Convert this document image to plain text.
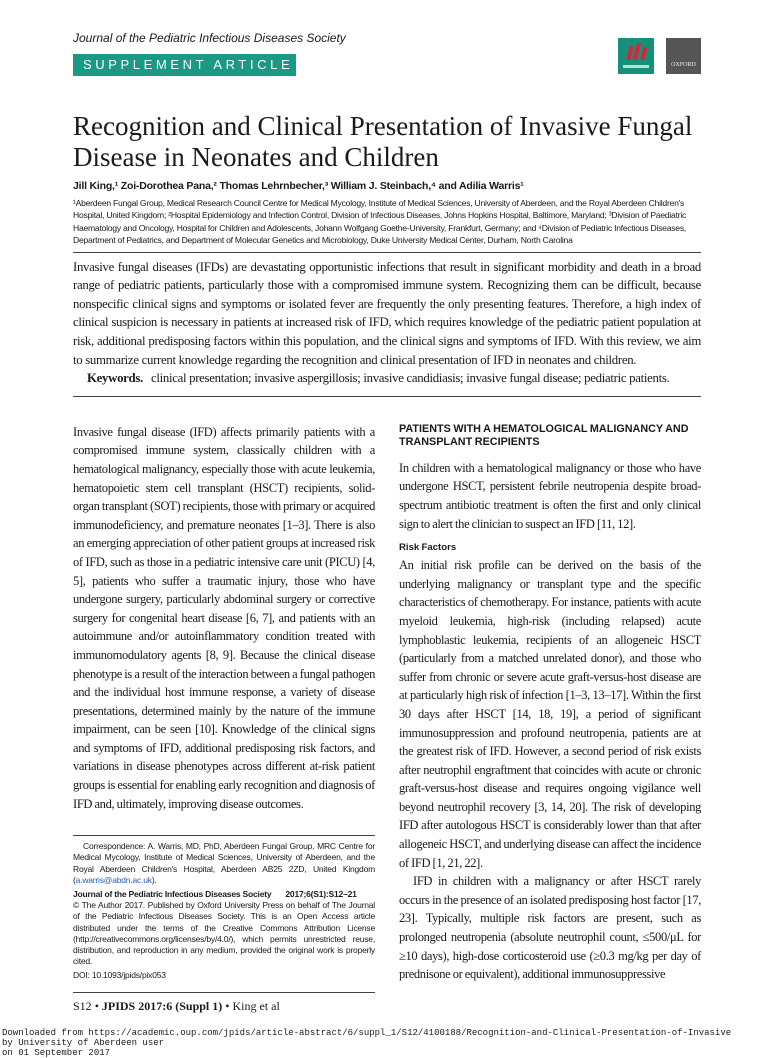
Journal of the Pediatric Infectious Diseases Society
SUPPLEMENT ARTICLE	OXFORD
Recognition and Clinical Presentation of Invasive Fungal Disease in Neonates and Children
Jill King,¹ Zoi-Dorothea Pana,² Thomas Lehrnbecher,³ William J. Steinbach,⁴ and Adilia Warris¹
¹Aberdeen Fungal Group, Medical Research Council Centre for Medical Mycology, Institute of Medical Sciences, University of Aberdeen, and the Royal Aberdeen Children's Hospital, United Kingdom; ²Hospital Epidemiology and Infection Control, Division of Infectious Diseases, Johns Hopkins Hospital, Baltimore, Maryland; ³Division of Paediatric Haematology and Oncology, Hospital for Children and Adolescents, Johann Wolfgang Goethe-University, Frankfurt, Germany; and ⁴Division of Pediatric Infectious Diseases, Department of Pediatrics, and Department of Molecular Genetics and Microbiology, Duke University Medical Center, Durham, North Carolina
Invasive fungal diseases (IFDs) are devastating opportunistic infections that result in significant morbidity and death in a broad range of pediatric patients, particularly those with a compromised immune system. Recognizing them can be difficult, because nonspecific clinical signs and symptoms or isolated fever are frequently the only presenting features. Therefore, a high index of clinical suspicion is necessary in patients at increased risk of IFD, which requires knowledge of the pediatric patient population at risk, additional predisposing factors within this population, and the clinical signs and symptoms of IFD. With this review, we aim to summarize current knowledge regarding the recognition and clinical presentation of IFD in neonates and children.
Keywords. clinical presentation; invasive aspergillosis; invasive candidiasis; invasive fungal disease; pediatric patients.

Invasive fungal disease (IFD) affects primarily patients with a compromised immune system, classically children with a hematological malignancy, especially those with acute leukemia, hematopoietic stem cell transplant (HSCT) recipients, solid-organ transplant (SOT) recipients, those with primary or acquired immunodeficiency, and premature neonates [1–3]. There is also an emerging appreciation of other patient groups at increased risk of IFD, such as those in a pediatric intensive care unit (PICU) [4, 5], patients who suffer a traumatic injury, those who have undergone surgery, particularly abdominal surgery or corrective surgery for congenital heart disease [6, 7], and patients with an autoimmune and/or autoinflammatory condition treated with immunomodulatory agents [8, 9]. Because the clinical disease phenotype is a result of the interaction between a fungal pathogen and the individual host immune response, a variety of disease presentations, determined mainly by the nature of the immune impairment, can be seen [10]. Knowledge of the clinical signs and symptoms of IFD, additional predisposing risk factors, and variations in disease phenotypes across different at-risk patient groups is essential for enabling early recognition and diagnosis of IFD and, ultimately, improving disease outcomes.

Correspondence: A. Warris, MD, PhD, Aberdeen Fungal Group, MRC Centre for Medical Mycology, Institute of Medical Sciences, University of Aberdeen, and the Royal Aberdeen Children's Hospital, Aberdeen AB25 2ZD, United Kingdom (a.warris@abdn.ac.uk).
Journal of the Pediatric Infectious Diseases Society 2017;6(S1):S12–21
© The Author 2017. Published by Oxford University Press on behalf of The Journal of the Pediatric Infectious Diseases Society. This is an Open Access article distributed under the terms of the Creative Commons Attribution License (http://creativecommons.org/licenses/by/4.0/), which permits unrestricted reuse, distribution, and reproduction in any medium, provided the original work is properly cited.
DOI: 10.1093/jpids/pix053
S12 • JPIDS 2017:6 (Suppl 1) • King et al
PATIENTS WITH A HEMATOLOGICAL MALIGNANCY AND TRANSPLANT RECIPIENTS

In children with a hematological malignancy or those who have undergone HSCT, persistent febrile neutropenia despite broad-spectrum antibiotic treatment is often the first and only clinical sign to alert the clinician to suspect an IFD [11, 12].

Risk Factors

An initial risk profile can be derived on the basis of the underlying malignancy or transplant type and the specific characteristics of chemotherapy. For instance, patients with acute myeloid leukemia, high-risk (including relapsed) acute lymphoblastic leukemia, recipients of an allogeneic HSCT (particularly from a matched unrelated donor), and those who suffer from chronic or severe acute graft-versus-host disease are at particularly high risk of infection [1–3, 13–17]. Within the first 30 days after HSCT [14, 18, 19], a period of significant immunosuppression and profound neutropenia, patients are at the greatest risk of IFD. However, a second period of risk exists after neutrophil engraftment that coincides with acute or chronic graft-versus-host disease and requires ongoing vigilance well beyond neutrophil recovery [3, 14, 20]. The risk of developing IFD after autologous HSCT is considerably lower than that after allogeneic HSCT, and underlying disease can affect the incidence of IFD [1, 21, 22].

IFD in children with a malignancy or after HSCT rarely occurs in the presence of an isolated predisposing host factor [17, 23]. Typically, multiple risk factors are present, such as prolonged neutropenia (absolute neutrophil count, ≤500/μL for ≥10 days), high-dose corticosteroid use (≥0.3 mg/kg per day of prednisone or equivalent), additional immunosuppressive

Downloaded from https://academic.oup.com/jpids/article-abstract/6/suppl_1/S12/4100188/Recognition-and-Clinical-Presentation-of-Invasive
by University of Aberdeen user
on 01 September 2017
